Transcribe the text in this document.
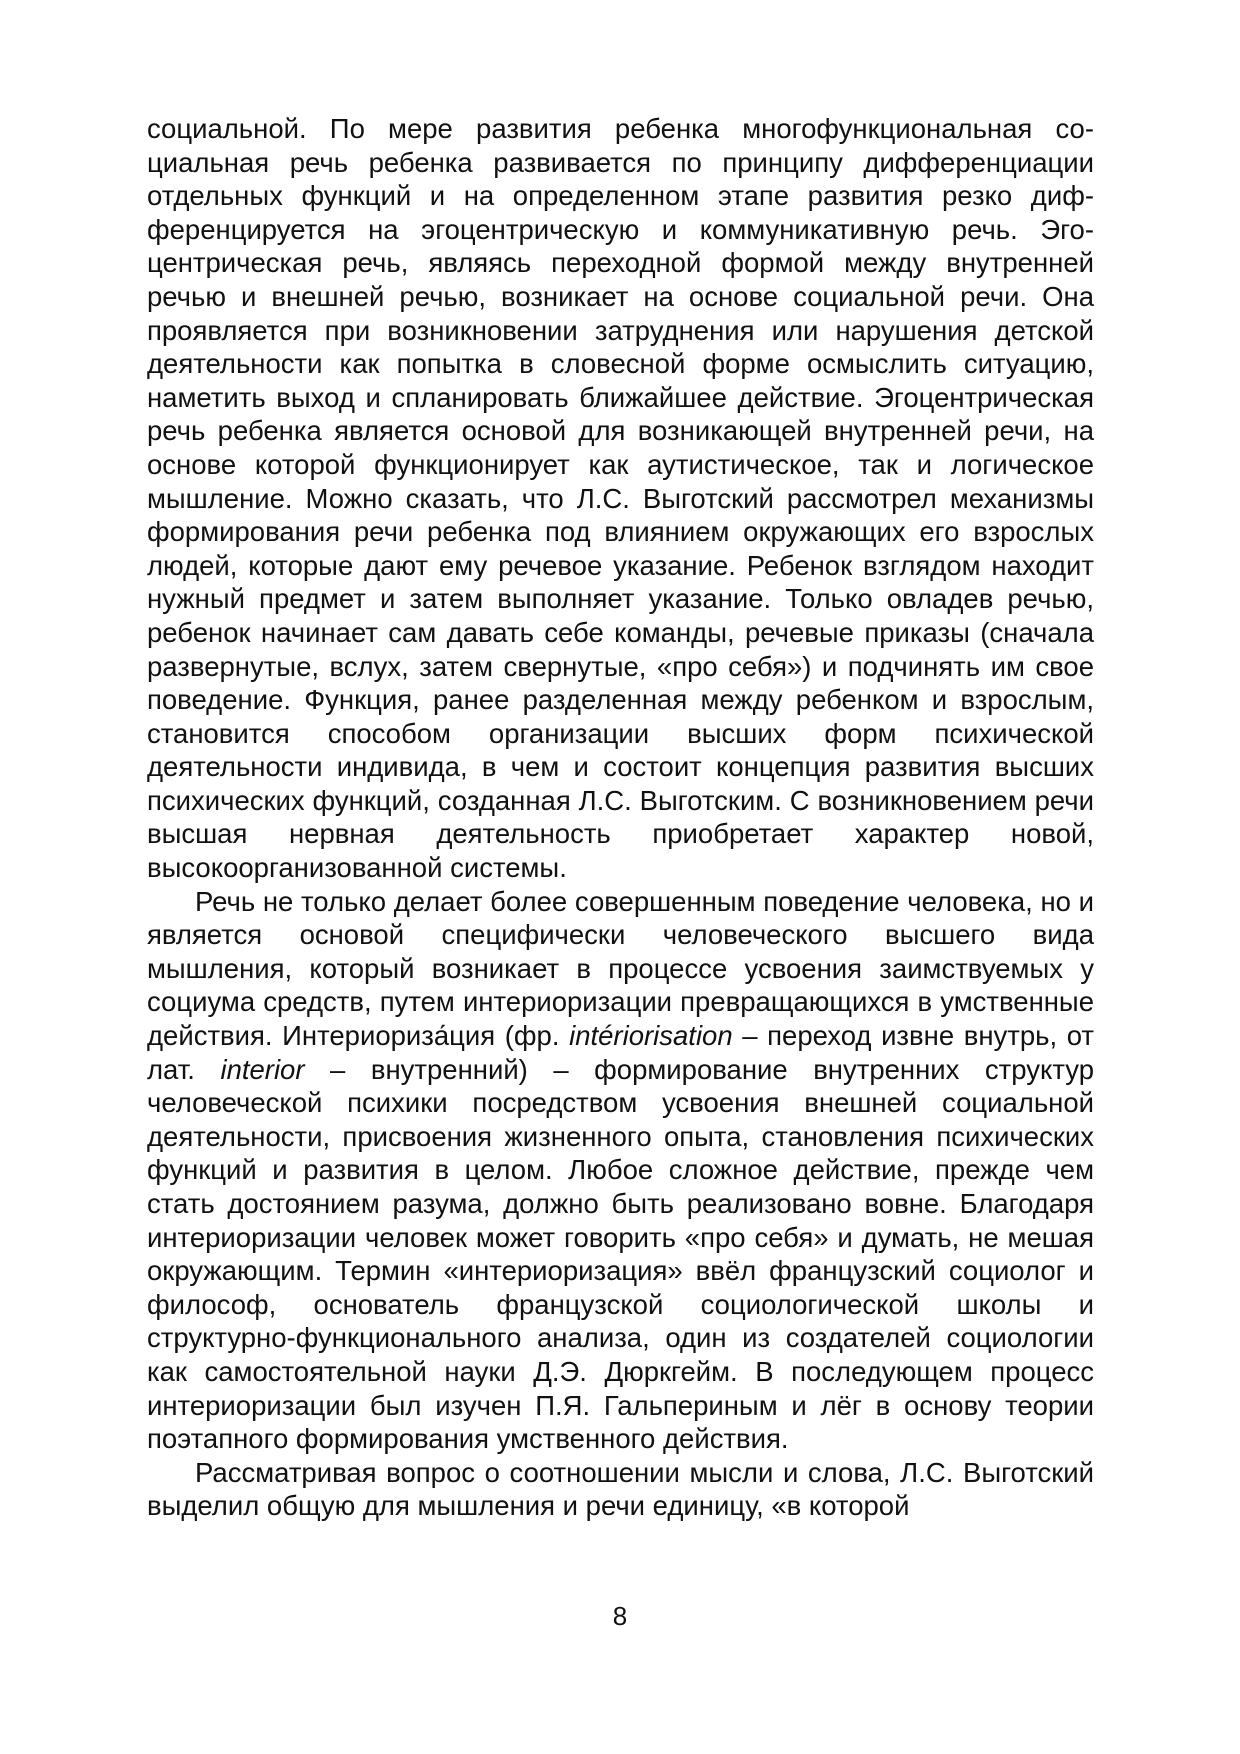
социальной. По мере развития ребенка многофункциональная социальная речь ребенка развивается по принципу дифференциации отдельных функций и на определенном этапе развития резко дифференцируется на эгоцентрическую и коммуникативную речь. Эгоцентрическая речь, являясь переходной формой между внутренней речью и внешней речью, возникает на основе социальной речи. Она проявляется при возникновении затруднения или нарушения детской деятельности как попытка в словесной форме осмыслить ситуацию, наметить выход и спланировать ближайшее действие. Эгоцентрическая речь ребенка является основой для возникающей внутренней речи, на основе которой функционирует как аутистическое, так и логическое мышление. Можно сказать, что Л.С. Выготский рассмотрел механизмы формирования речи ребенка под влиянием окружающих его взрослых людей, которые дают ему речевое указание. Ребенок взглядом находит нужный предмет и затем выполняет указание. Только овладев речью, ребенок начинает сам давать себе команды, речевые приказы (сначала развернутые, вслух, затем свернутые, «про себя») и подчинять им свое поведение. Функция, ранее разделенная между ребенком и взрослым, становится способом организации высших форм психической деятельности индивида, в чем и состоит концепция развития высших психических функций, созданная Л.С. Выготским. С возникновением речи высшая нервная деятельность приобретает характер новой, высокоорганизованной системы.

Речь не только делает более совершенным поведение человека, но и является основой специфически человеческого высшего вида мышления, который возникает в процессе усвоения заимствуемых у социума средств, путем интериоризации превращающихся в умственные действия. Интериориза́ция (фр. intériorisation – переход извне внутрь, от лат. interior – внутренний) – формирование внутренних структур человеческой психики посредством усвоения внешней социальной деятельности, присвоения жизненного опыта, становления психических функций и развития в целом. Любое сложное действие, прежде чем стать достоянием разума, должно быть реализовано вовне. Благодаря интериоризации человек может говорить «про себя» и думать, не мешая окружающим. Термин «интериоризация» ввёл французский социолог и философ, основатель французской социологической школы и структурно-функционального анализа, один из создателей социологии как самостоятельной науки Д.Э. Дюркгейм. В последующем процесс интериоризации был изучен П.Я. Гальпериным и лёг в основу теории поэтапного формирования умственного действия.

Рассматривая вопрос о соотношении мысли и слова, Л.С. Выготский выделил общую для мышления и речи единицу, «в которой

8
